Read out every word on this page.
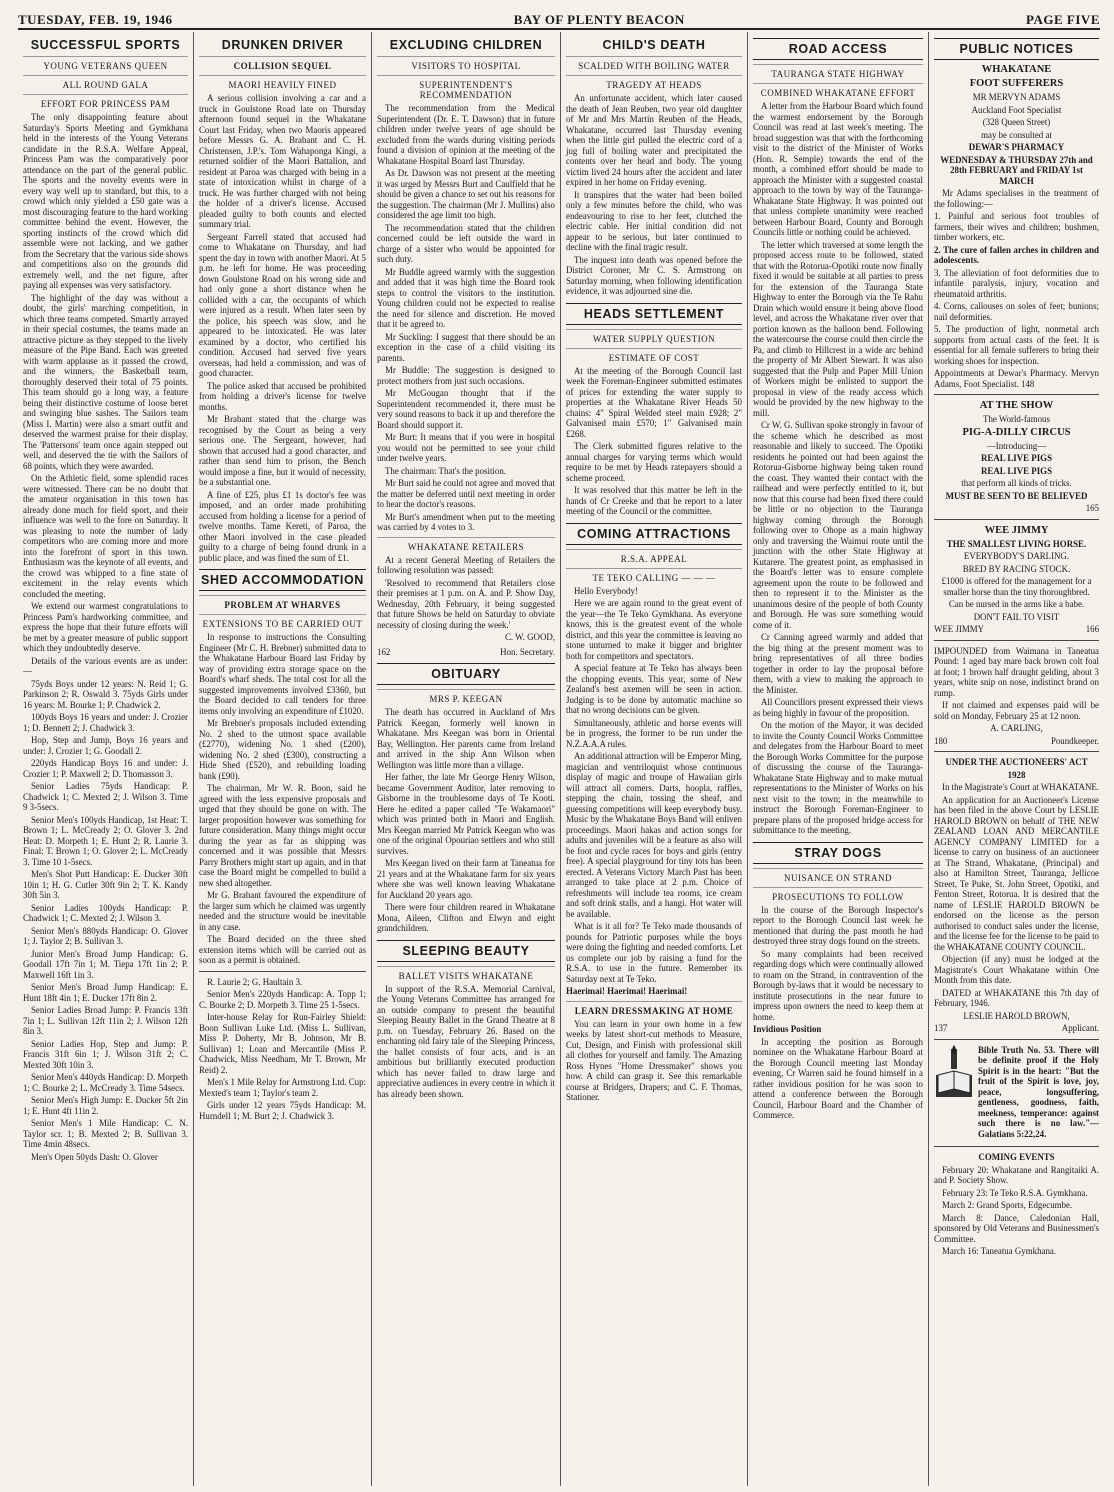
TUESDAY, FEB. 19, 1946	BAY OF PLENTY BEACON	PAGE FIVE
SUCCESSFUL SPORTS
YOUNG VETERANS QUEEN
ALL ROUND GALA
EFFORT FOR PRINCESS PAM

The only disappointing feature about Saturday's Sports Meeting and Gymkhana held in the interests of the Young Veterans candidate in the R.S.A. Welfare Appeal, Princess Pam was the comparatively poor attendance on the part of the general public. The sports and the novelty events were in every way well up to standard, but this, to a crowd which only yielded a £50 gate was a most discouraging feature to the hard working committee behind the event. However, the sporting instincts of the crowd which did assemble were not lacking, and we gather from the Secretary that the various side shows and competitions also on the grounds did extremely well, and the net figure, after paying all expenses was very satisfactory.

The highlight of the day was without a doubt, the girls' marching competition, in which three teams competed. Smartly arrayed in their special costumes, the teams made an attractive picture as they stepped to the lively measure of the Pipe Band. Each was greeted with warm applause as it passed the crowd, and the winners, the Basketball team, thoroughly deserved their total of 75 points. This team should go a long way, a feature being their distinctive costume of loose beret and swinging blue sashes. The Sailors team (Miss I. Martin) were also a smart outfit and deserved the warmest praise for their display. The 'Pattersons' team once again stepped out well, and deserved the tie with the Sailors of 68 points, which they were awarded.

On the Athletic field, some splendid races were witnessed. There can be no doubt that the amateur organisation in this town has already done much for field sport, and their influence was well to the fore on Saturday. It was pleasing to note the number of lady competitors who are coming more and more into the forefront of sport in this town. Enthusiasm was the keynote of all events, and the crowd was whipped to a fine state of excitement in the relay events which concluded the meeting.

We extend our warmest congratulations to Princess Pam's hardworking committee, and express the hope that their future efforts will be met by a greater measure of public support which they undoubtedly deserve.

Details of the various events are as under:—

75yds Boys under 12 years: N. Reid 1; G. Parkinson 2; R. Oswald 3. 75yds Girls under 16 years: M. Bourke 1; P. Chadwick 2.

100yds Boys 16 years and under: J. Crozier 1; D. Bennett 2; J. Chadwick 3.

Hop, Step and Jump, Boys 16 years and under: J. Crozier 1; G. Goodall 2.

220yds Handicap Boys 16 and under: J. Crozier 1; P. Maxwell 2; D. Thomasson 3.

Senior Ladies 75yds Handicap: P. Chadwick 1; C. Mexted 2; J. Wilson 3. Time 9 3-5secs.

Senior Men's 100yds Handicap, 1st Heat: T. Brown 1; L. McCready 2; O. Glover 3. 2nd Heat: D. Morpeth 1; E. Hunt 2; R. Laurie 3. Final: T. Brown 1; O. Glover 2; L. McCready 3. Time 10 1-5secs.

Men's Shot Putt Handicap: E. Ducker 30ft 10in 1; H. G. Cutler 30ft 9in 2; T. K. Kandy 30ft 5in 3.

Senior Ladies 100yds Handicap: P. Chadwick 1; C. Mexted 2; J. Wilson 3.

Senior Men's 880yds Handicap: O. Glover 1; J. Taylor 2; B. Sullivan 3.

Junior Men's Broad Jump Handicap: G. Goodall 17ft 7in 1; M. Tiepa 17ft 1in 2; P. Maxwell 16ft 1in 3.

Senior Men's Broad Jump Handicap: E. Hunt 18ft 4in 1; E. Ducker 17ft 8in 2.

Senior Ladies Broad Jump: P. Francis 13ft 7in 1; L. Sullivan 12ft 11in 2; J. Wilson 12ft 8in 3.

Senior Ladies Hop, Step and Jump: P. Francis 31ft 6in 1; J. Wilson 31ft 2; C. Mexted 30ft 10in 3.

Senior Men's 440yds Handicap: D. Morpeth 1; C. Bourke 2; L. McCready 3. Time 54secs.

Senior Men's High Jump: E. Ducker 5ft 2in 1; E. Hunt 4ft 11in 2.

Senior Men's 1 Mile Handicap: C. N. Taylor scr. 1; B. Mexted 2; B. Sullivan 3. Time 4min 48secs.

Men's Open 50yds Dash: O. Glover

DRUNKEN DRIVER
COLLISION SEQUEL
MAORI HEAVILY FINED

A serious collision involving a car and a truck in Goulstone Road late on Thursday afternoon found sequel in the Whakatane Court last Friday, when two Maoris appeared before Messrs G. A. Brabant and C. H. Christensen, J.P.'s. Tom Wahaponga Kingi, a returned soldier of the Maori Battalion, and resident at Paroa was charged with being in a state of intoxication whilst in charge of a truck. He was further charged with not being the holder of a driver's license. Accused pleaded guilty to both counts and elected summary trial.

Sergeant Farrell stated that accused had come to Whakatane on Thursday, and had spent the day in town with another Maori. At 5 p.m. he left for home. He was proceeding down Goulstone Road on his wrong side and had only gone a short distance when he collided with a car, the occupants of which were injured as a result. When later seen by the police, his speech was slow, and he appeared to be intoxicated. He was later examined by a doctor, who certified his condition. Accused had served five years overseas, had held a commission, and was of good character.

The police asked that accused be prohibited from holding a driver's license for twelve months.

Mr Brabant stated that the charge was recognised by the Court as being a very serious one. The Sergeant, however, had shown that accused had a good character, and rather than send him to prison, the Bench would impose a fine, but it would of necessity, be a substantial one.

A fine of £25, plus £1 1s doctor's fee was imposed, and an order made prohibiting accused from holding a license for a period of twelve months. Tame Kereti, of Paroa, the other Maori involved in the case pleaded guilty to a charge of being found drunk in a public place, and was fined the sum of £1.

SHED ACCOMMODATION
PROBLEM AT WHARVES
EXTENSIONS TO BE CARRIED OUT

In response to instructions the Consulting Engineer (Mr C. H. Brebner) submitted data to the Whakatane Harbour Board last Friday by way of providing extra storage space on the Board's wharf sheds. The total cost for all the suggested improvements involved £3360, but the Board decided to call tenders for three items only involving an expenditure of £1020.

Mr Brebner's proposals included extending No. 2 shed to the utmost space available (£2770), widening No. 1 shed (£200), widening No. 2 shed (£300), constructing a Hide Shed (£520), and rebuilding loading bank (£90).

The chairman, Mr W. R. Boon, said he agreed with the less expensive proposals and urged that they should be gone on with. The larger proposition however was something for future consideration. Many things might occur during the year as far as shipping was concerned and it was possible that Messrs Parry Brothers might start up again, and in that case the Board might be compelled to build a new shed altogether.

Mr G. Brabant favoured the expenditure of the larger sum which he claimed was urgently needed and the structure would be inevitable in any case.

The Board decided on the three shed extension items which will be carried out as soon as a permit is obtained.

R. Laurie 2; G. Haultain 3.

Senior Men's 220yds Handicap: A. Topp 1; C. Bourke 2; D. Morpeth 3. Time 25 1-5secs.

Inter-house Relay for Run-Fairley Shield: Boon Sullivan Luke Ltd. (Miss L. Sullivan, Miss P. Doherty, Mr B. Johnson, Mr B. Sullivan) 1; Loan and Mercantile (Miss P. Chadwick, Miss Needham, Mr T. Brown, Mr Reid) 2.

Men's 1 Mile Relay for Armstrong Ltd. Cup: Mexted's team 1; Taylor's team 2.

Girls under 12 years 75yds Handicap: M. Hurndell 1; M. Burt 2; J. Chadwick 3.

EXCLUDING CHILDREN
VISITORS TO HOSPITAL
SUPERINTENDENT'S RECOMMENDATION

The recommendation from the Medical Superintendent (Dr. E. T. Dawson) that in future children under twelve years of age should be excluded from the wards during visiting periods found a division of opinion at the meeting of the Whakatane Hospital Board last Thursday.

As Dr. Dawson was not present at the meeting it was urged by Messrs Burt and Caulfield that he should be given a chance to set out his reasons for the suggestion. The chairman (Mr J. Mullins) also considered the age limit too high.

The recommendation stated that the children concerned could be left outside the ward in charge of a sister who would be appointed for such duty.

Mr Buddle agreed warmly with the suggestion and added that it was high time the Board took steps to control the visitors to the institution. Young children could not be expected to realise the need for silence and discretion. He moved that it be agreed to.

Mr Suckling: I suggest that there should be an exception in the case of a child visiting its parents.

Mr Buddle: The suggestion is designed to protect mothers from just such occasions.

Mr McGougan thought that if the Superintendent recommended it, there must be very sound reasons to back it up and therefore the Board should support it.

Mr Burt: It means that if you were in hospital you would not be permitted to see your child under twelve years.

The chairman: That's the position.

Mr Burt said he could not agree and moved that the matter be deferred until next meeting in order to hear the doctor's reasons.

Mr Burt's amendment when put to the meeting was carried by 4 votes to 3.

WHAKATANE RETAILERS

At a recent General Meeting of Retailers the following resolution was passed:

'Resolved to recommend that Retailers close their premises at 1 p.m. on A. and P. Show Day, Wednesday, 20th February, it being suggested that future Shows be held on Saturday to obviate necessity of closing during the week.'

C. W. GOOD,
162	Hon. Secretary.
OBITUARY
MRS P. KEEGAN

The death has occurred in Auckland of Mrs Patrick Keegan, formerly well known in Whakatane. Mrs Keegan was born in Oriental Bay, Wellington. Her parents came from Ireland and arrived in the ship Ann Wilson when Wellington was little more than a village.

Her father, the late Mr George Henry Wilson, became Government Auditor, later removing to Gisborne in the troublesome days of Te Kooti. Here he edited a paper called "Te Wakamaori" which was printed both in Maori and English. Mrs Keegan married Mr Patrick Keegan who was one of the original Opouriao settlers and who still survives.

Mrs Keegan lived on their farm at Taneatua for 21 years and at the Whakatane farm for six years where she was well known leaving Whakatane for Auckland 20 years ago.

There were four children reared in Whakatane Mona, Aileen, Clifton and Elwyn and eight grandchildren.

SLEEPING BEAUTY
BALLET VISITS WHAKATANE

In support of the R.S.A. Memorial Carnival, the Young Veterans Committee has arranged for an outside company to present the beautiful Sleeping Beauty Ballet in the Grand Theatre at 8 p.m. on Tuesday, February 26. Based on the enchanting old fairy tale of the Sleeping Princess, the ballet consists of four acts, and is an ambitious but brilliantly executed production which has never failed to draw large and appreciative audiences in every centre in which it has already been shown.

CHILD'S DEATH
SCALDED WITH BOILING WATER
TRAGEDY AT HEADS

An unfortunate accident, which later caused the death of Jean Reuben, two year old daughter of Mr and Mrs Martin Reuben of the Heads, Whakatane, occurred last Thursday evening when the little girl pulled the electric cord of a jug full of boiling water and precipitated the contents over her head and body. The young victim lived 24 hours after the accident and later expired in her home on Friday evening.

It transpires that the water had been boiled only a few minutes before the child, who was endeavouring to rise to her feet, clutched the electric cable. Her initial condition did not appear to be serious, but later continued to decline with the final tragic result.

The inquest into death was opened before the District Coroner, Mr C. S. Armstrong on Saturday morning, when following identification evidence, it was adjourned sine die.

HEADS SETTLEMENT
WATER SUPPLY QUESTION
ESTIMATE OF COST

At the meeting of the Borough Council last week the Foreman-Engineer submitted estimates of prices for extending the water supply to properties at the Whakatane River Heads 50 chains: 4" Spiral Welded steel main £928; 2" Galvanised main £570; 1" Galvanised main £268.

The Clerk submitted figures relative to the annual charges for varying terms which would require to be met by Heads ratepayers should a scheme proceed.

It was resolved that this matter be left in the hands of Cr Creeke and that he report to a later meeting of the Council or the committee.

COMING ATTRACTIONS
R.S.A. APPEAL
TE TEKO CALLING — — —

Hello Everybody!

Here we are again round to the great event of the year—the Te Teko Gymkhana. As everyone knows, this is the greatest event of the whole district, and this year the committee is leaving no stone unturned to make it bigger and brighter both for competitors and spectators.

A special feature at Te Teko has always been the chopping events. This year, some of New Zealand's best axemen will be seen in action. Judging is to be done by automatic machine so that no wrong decisions can be given.

Simultaneously, athletic and horse events will be in progress, the former to be run under the N.Z.A.A.A rules.

An additional attraction will be Emperor Ming, magician and ventriloquist whose continuous display of magic and troupe of Hawaiian girls will attract all comers. Darts, hoopla, raffles, stepping the chain, tossing the sheaf, and guessing competitions will keep everybody busy. Music by the Whakatane Boys Band will enliven proceedings. Maori hakas and action songs for adults and juveniles will be a feature as also will be foot and cycle races for boys and girls (entry free). A special playground for tiny tots has been erected. A Veterans Victory March Past has been arranged to take place at 2 p.m. Choice of refreshments will include tea rooms, ice cream and soft drink stalls, and a hangi. Hot water will be available.

What is it all for? Te Teko made thousands of pounds for Patriotic purposes while the boys were doing the fighting and needed comforts. Let us complete our job by raising a fund for the R.S.A. to use in the future. Remember its Saturday next at Te Teko.

Haerimai! Haerimai! Haerimai!

LEARN DRESSMAKING AT HOME

You can learn in your own home in a few weeks by latest short-cut methods to Measure, Cut, Design, and Finish with professional skill all clothes for yourself and family. The Amazing Ross Hynes "Home Dressmaker" shows you how. A child can grasp it. See this remarkable course at Bridgers, Drapers; and C. F. Thomas, Stationer.

ROAD ACCESS
TAURANGA STATE HIGHWAY
COMBINED WHAKATANE EFFORT

A letter from the Harbour Board which found the warmest endorsement by the Borough Council was read at last week's meeting. The broad suggestion was that with the forthcoming visit to the district of the Minister of Works (Hon. R. Semple) towards the end of the month, a combined effort should be made to approach the Minister with a suggested coastal approach to the town by way of the Tauranga-Whakatane State Highway. It was pointed out that unless complete unanimity were reached between Harbour Board, County and Borough Councils little or nothing could be achieved.

The letter which traversed at some length the proposed access route to be followed, stated that with the Rotorua-Opotiki route now finally fixed it would be suitable at all parties to press for the extension of the Tauranga State Highway to enter the Borough via the Te Rahu Drain which would ensure it being above flood level, and across the Whakatane river over that portion known as the balloon bend. Following the watercourse the course could then circle the Pa, and climb to Hillcrest in a wide arc behind the property of Mr Albert Stewart. It was also suggested that the Pulp and Paper Mill Union of Workers might be enlisted to support the proposal in view of the ready access which would be provided by the new highway to the mill.

Cr W. G. Sullivan spoke strongly in favour of the scheme which he described as most reasonable and likely to succeed. The Opotiki residents he pointed out had been against the Rotorua-Gisborne highway being taken round the coast. They wanted their contact with the railhead and were perfectly entitled to it, but now that this course had been fixed there could be little or no objection to the Tauranga highway coming through the Borough following over to Ohope as a main highway only and traversing the Waimui route until the junction with the other State Highway at Kutarere. The greatest point, as emphasised in the Board's letter was to ensure complete agreement upon the route to be followed and then to represent it to the Minister as the unanimous desire of the people of both County and Borough. He was sure something would come of it.

Cr Canning agreed warmly and added that the big thing at the present moment was to bring representatives of all three bodies together in order to lay the proposal before them, with a view to making the approach to the Minister.

All Councillors present expressed their views as being highly in favour of the proposition.

On the motion of the Mayor, it was decided to invite the County Council Works Committee and delegates from the Harbour Board to meet the Borough Works Committee for the purpose of discussing the course of the Tauranga-Whakatane State Highway and to make mutual representations to the Minister of Works on his next visit to the town; in the meanwhile to instruct the Borough Foreman-Engineer to prepare plans of the proposed bridge access for submittance to the meeting.

STRAY DOGS
NUISANCE ON STRAND
PROSECUTIONS TO FOLLOW

In the course of the Borough Inspector's report to the Borough Council last week he mentioned that during the past month he had destroyed three stray dogs found on the streets.

So many complaints had been received regarding dogs which were continually allowed to roam on the Strand, in contravention of the Borough by-laws that it would be necessary to institute prosecutions in the near future to impress upon owners the need to keep them at home.

Invidious Position

In accepting the position as Borough nominee on the Whakatane Harbour Board at the Borough Council meeting last Monday evening, Cr Warren said he found himself in a rather invidious position for he was soon to attend a conference between the Borough Council, Harbour Board and the Chamber of Commerce.

PUBLIC NOTICES

WHAKATANE

FOOT SUFFERERS

MR MERVYN ADAMS

Auckland Foot Specialist

(328 Queen Street)

may be consulted at

DEWAR'S PHARMACY

WEDNESDAY & THURSDAY 27th and 28th FEBRUARY and FRIDAY 1st MARCH

Mr Adams specialises in the treatment of the following:—

1. Painful and serious foot troubles of farmers, their wives and children; bushmen, timber workers, etc.

2. The cure of fallen arches in children and adolescents.

3. The alleviation of foot deformities due to infantile paralysis, injury, vocation and rheumatoid arthritis.

4. Corns, callouses on soles of feet; bunions; nail deformities.

5. The production of light, nonmetal arch supports from actual casts of the feet. It is essential for all female sufferers to bring their working shoes for inspection.

Appointments at Dewar's Pharmacy. Mervyn Adams, Foot Specialist. 148

AT THE SHOW

The World-famous

PIG-A-DILLY CIRCUS

—Introducing—

REAL LIVE PIGS

REAL LIVE PIGS

that perform all kinds of tricks.

MUST BE SEEN TO BE BELIEVED

165

WEE JIMMY

THE SMALLEST LIVING HORSE.

EVERYBODY'S DARLING.

BRED BY RACING STOCK.

£1000 is offered for the management for a smaller horse than the tiny thoroughbred.

Can be nursed in the arms like a babe.

DON'T FAIL TO VISIT

WEE JIMMY	166

IMPOUNDED from Waimana in Taneatua Pound: 1 aged bay mare back brown colt foal at foot; 1 brown half draught gelding, about 3 years, white snip on nose, indistinct brand on rump.

If not claimed and expenses paid will be sold on Monday, February 25 at 12 noon.

A. CARLING,

180	Poundkeeper.

UNDER THE AUCTIONEERS' ACT

1928

In the Magistrate's Court at WHAKATANE.

An application for an Auctioneer's License has been filed in the above Court by LESLIE HAROLD BROWN on behalf of THE NEW ZEALAND LOAN AND MERCANTILE AGENCY COMPANY LIMITED for a license to carry on business of an auctioneer at The Strand, Whakatane, (Principal) and also at Hamilton Street, Tauranga, Jellicoe Street, Te Puke, St. John Street, Opotiki, and Fenton Street, Rotorua. It is desired that the name of LESLIE HAROLD BROWN be endorsed on the license as the person authorised to conduct sales under the license, and the license fee for the license to be paid to the WHAKATANE COUNTY COUNCIL.

Objection (if any) must be lodged at the Magistrate's Court Whakatane within One Month from this date.

DATED at WHAKATANE this 7th day of February, 1946.

LESLIE HAROLD BROWN,

137	Applicant.

Bible Truth No. 53. There will be definite proof if the Holy Spirit is in the heart: "But the fruit of the Spirit is love, joy, peace, longsuffering, gentleness, goodness, faith, meekness, temperance: against such there is no law."—Galatians 5:22,24.

COMING EVENTS

February 20: Whakatane and Rangitaiki A. and P. Society Show.

February 23: Te Teko R.S.A. Gymkhana.

March 2: Grand Sports, Edgecumbe.

March 8: Dance, Caledonian Hall, sponsored by Old Veterans and Businessmen's Committee.

March 16: Taneatua Gymkhana.
